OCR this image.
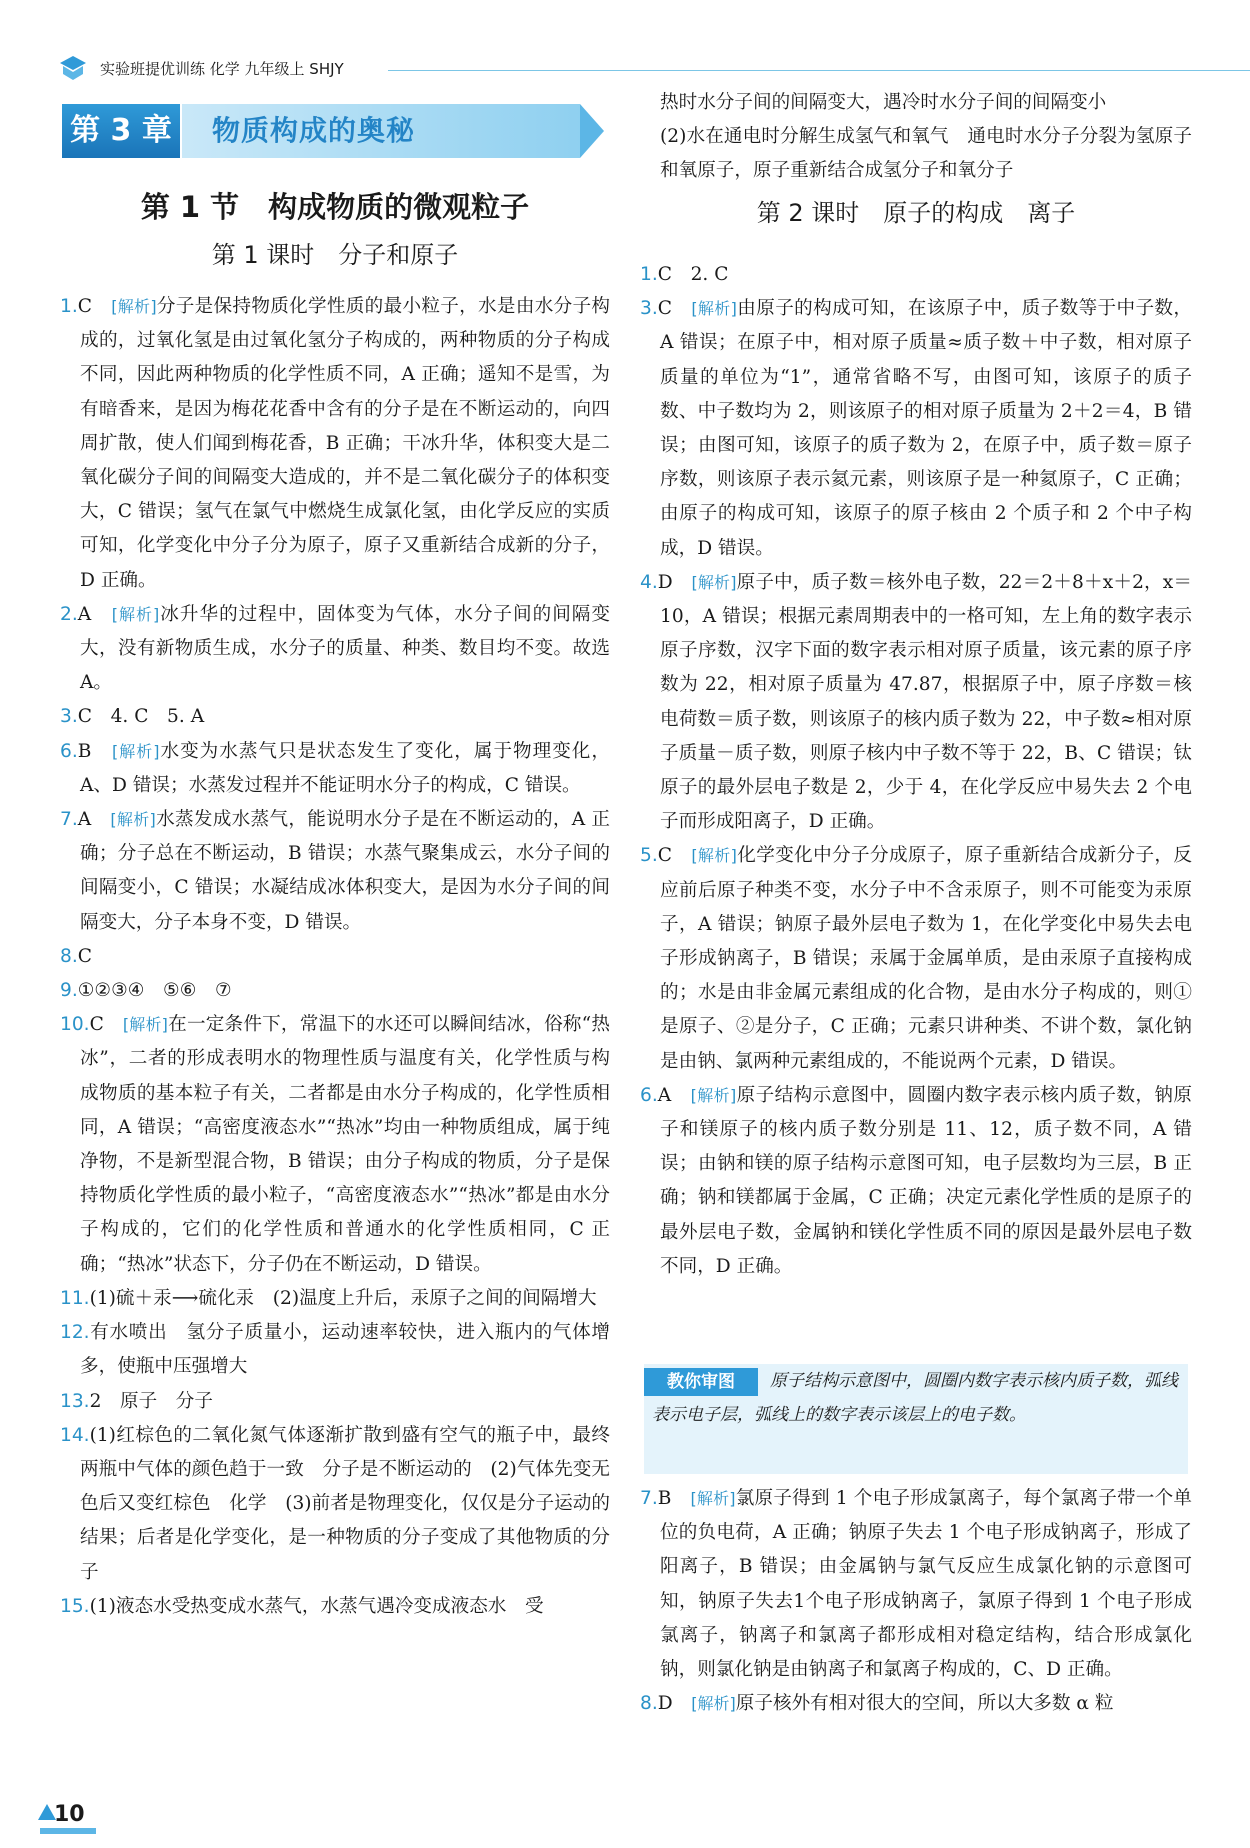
实验班提优训练 化学 九年级上 SHJY
第 3 章 物质构成的奥秘
第 1 节　构成物质的微观粒子
第 1 课时　分子和原子

1.C　 [解析]分子是保持物质化学性质的最小粒子，水是由水分子构成的，过氧化氢是由过氧化氢分子构成的，两种物质的分子构成不同，因此两种物质的化学性质不同，A 正确；遥知不是雪，为有暗香来，是因为梅花花香中含有的分子是在不断运动的，向四周扩散，使人们闻到梅花香，B 正确；干冰升华，体积变大是二氧化碳分子间的间隔变大造成的，并不是二氧化碳分子的体积变大，C 错误；氢气在氯气中燃烧生成氯化氢，由化学反应的实质可知，化学变化中分子分为原子，原子又重新结合成新的分子，D 正确。

2.A　 [解析]冰升华的过程中，固体变为气体，水分子间的间隔变大，没有新物质生成，水分子的质量、种类、数目均不变。故选 A。

3.C　4. C　5. A

6.B　 [解析]水变为水蒸气只是状态发生了变化，属于物理变化，A、D 错误；水蒸发过程并不能证明水分子的构成，C 错误。

7.A　 [解析]水蒸发成水蒸气，能说明水分子是在不断运动的，A 正确；分子总在不断运动，B 错误；水蒸气聚集成云，水分子间的间隔变小，C 错误；水凝结成冰体积变大，是因为水分子间的间隔变大，分子本身不变，D 错误。

8.C

9.①②③④　⑤⑥　⑦

10.C　 [解析]在一定条件下，常温下的水还可以瞬间结冰，俗称“热冰”，二者的形成表明水的物理性质与温度有关，化学性质与构成物质的基本粒子有关，二者都是由水分子构成的，化学性质相同，A 错误；“高密度液态水”“热冰”均由一种物质组成，属于纯净物，不是新型混合物，B 错误；由分子构成的物质，分子是保持物质化学性质的最小粒子，“高密度液态水”“热冰”都是由水分子构成的，它们的化学性质和普通水的化学性质相同，C 正确；“热冰”状态下，分子仍在不断运动，D 错误。

11.(1)硫＋汞⟶硫化汞　(2)温度上升后，汞原子之间的间隔增大

12.有水喷出　氢分子质量小，运动速率较快，进入瓶内的气体增多，使瓶中压强增大

13.2　原子　分子

14.(1)红棕色的二氧化氮气体逐渐扩散到盛有空气的瓶子中，最终两瓶中气体的颜色趋于一致　分子是不断运动的　(2)气体先变无色后又变红棕色　化学　(3)前者是物理变化，仅仅是分子运动的结果；后者是化学变化，是一种物质的分子变成了其他物质的分子

15.(1)液态水受热变成水蒸气，水蒸气遇冷变成液态水　受

热时水分子间的间隔变大，遇冷时水分子间的间隔变小

(2)水在通电时分解生成氢气和氧气　通电时水分子分裂为氢原子和氧原子，原子重新结合成氢分子和氧分子

第 2 课时　原子的构成　离子

1.C　2. C

3.C　 [解析]由原子的构成可知，在该原子中，质子数等于中子数，A 错误；在原子中，相对原子质量≈质子数＋中子数，相对原子质量的单位为“1”，通常省略不写，由图可知，该原子的质子数、中子数均为 2，则该原子的相对原子质量为 2＋2＝4，B 错误；由图可知，该原子的质子数为 2，在原子中，质子数＝原子序数，则该原子表示氦元素，则该原子是一种氦原子，C 正确；由原子的构成可知，该原子的原子核由 2 个质子和 2 个中子构成，D 错误。

4.D　 [解析]原子中，质子数＝核外电子数，22＝2＋8＋x＋2，x＝10，A 错误；根据元素周期表中的一格可知，左上角的数字表示原子序数，汉字下面的数字表示相对原子质量，该元素的原子序数为 22，相对原子质量为 47.87，根据原子中，原子序数＝核电荷数＝质子数，则该原子的核内质子数为 22，中子数≈相对原子质量－质子数，则原子核内中子数不等于 22，B、C 错误；钛原子的最外层电子数是 2，少于 4，在化学反应中易失去 2 个电子而形成阳离子，D 正确。

5.C　 [解析]化学变化中分子分成原子，原子重新结合成新分子，反应前后原子种类不变，水分子中不含汞原子，则不可能变为汞原子，A 错误；钠原子最外层电子数为 1，在化学变化中易失去电子形成钠离子，B 错误；汞属于金属单质，是由汞原子直接构成的；水是由非金属元素组成的化合物，是由水分子构成的，则①是原子、②是分子，C 正确；元素只讲种类、不讲个数，氯化钠是由钠、氯两种元素组成的，不能说两个元素，D 错误。

6.A　 [解析]原子结构示意图中，圆圈内数字表示核内质子数，钠原子和镁原子的核内质子数分别是 11、12，质子数不同，A 错误；由钠和镁的原子结构示意图可知，电子层数均为三层，B 正确；钠和镁都属于金属，C 正确；决定元素化学性质的是原子的最外层电子数，金属钠和镁化学性质不同的原因是最外层电子数不同，D 正确。

教你审图	原子结构示意图中，圆圈内数字表示核内质子数，弧线表示电子层，弧线上的数字表示该层上的电子数。

7.B　 [解析]氯原子得到 1 个电子形成氯离子，每个氯离子带一个单位的负电荷，A 正确；钠原子失去 1 个电子形成钠离子，形成了阳离子，B 错误；由金属钠与氯气反应生成氯化钠的示意图可知，钠原子失去1个电子形成钠离子，氯原子得到 1 个电子形成氯离子，钠离子和氯离子都形成相对稳定结构，结合形成氯化钠，则氯化钠是由钠离子和氯离子构成的，C、D 正确。

8.D　 [解析]原子核外有相对很大的空间，所以大多数 α 粒

10
